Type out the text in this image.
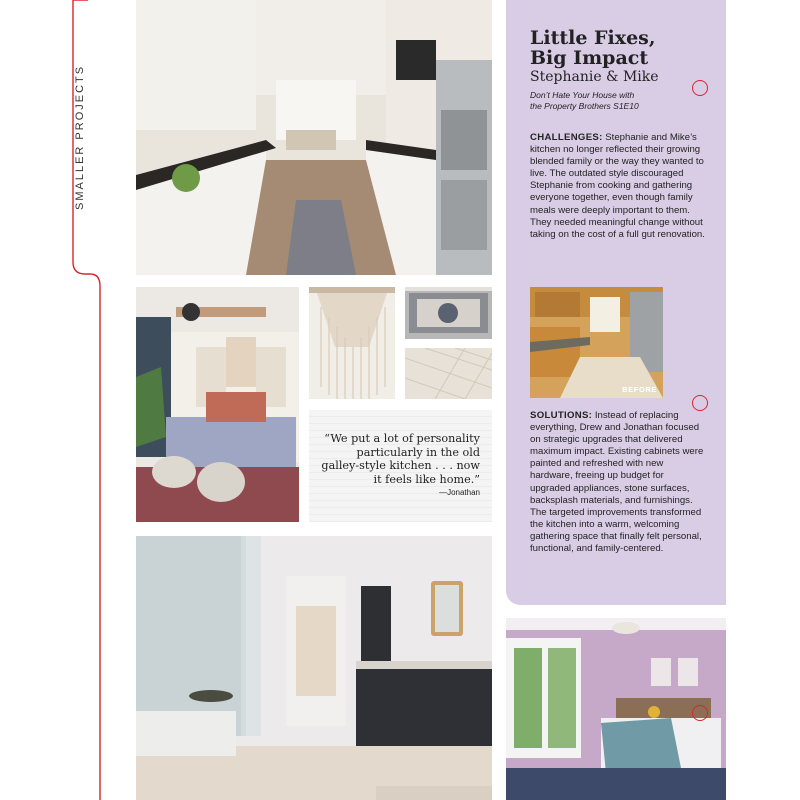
SMALLER PROJECTS
“We put a lot of personality particularly in the old galley-style kitchen . . . now it feels like home.”
—Jonathan
Little Fixes,
Big Impact
Stephanie & Mike
Don’t Hate Your House with
the Property Brothers S1E10

CHALLENGES: Stephanie and Mike’s kitchen no longer reflected their growing blended family or the way they wanted to live. The outdated style discouraged Stephanie from cooking and gathering everyone together, even though family meals were deeply important to them. They needed meaningful change without taking on the cost of a full gut renovation.

SOLUTIONS: Instead of replacing everything, Drew and Jonathan focused on strategic upgrades that delivered maximum impact. Existing cabinets were painted and refreshed with new hardware, freeing up budget for upgraded appliances, stone surfaces, backsplash materials, and furnishings. The targeted improvements transformed the kitchen into a warm, welcoming gathering space that finally felt personal, functional, and family-centered.

BEFORE
